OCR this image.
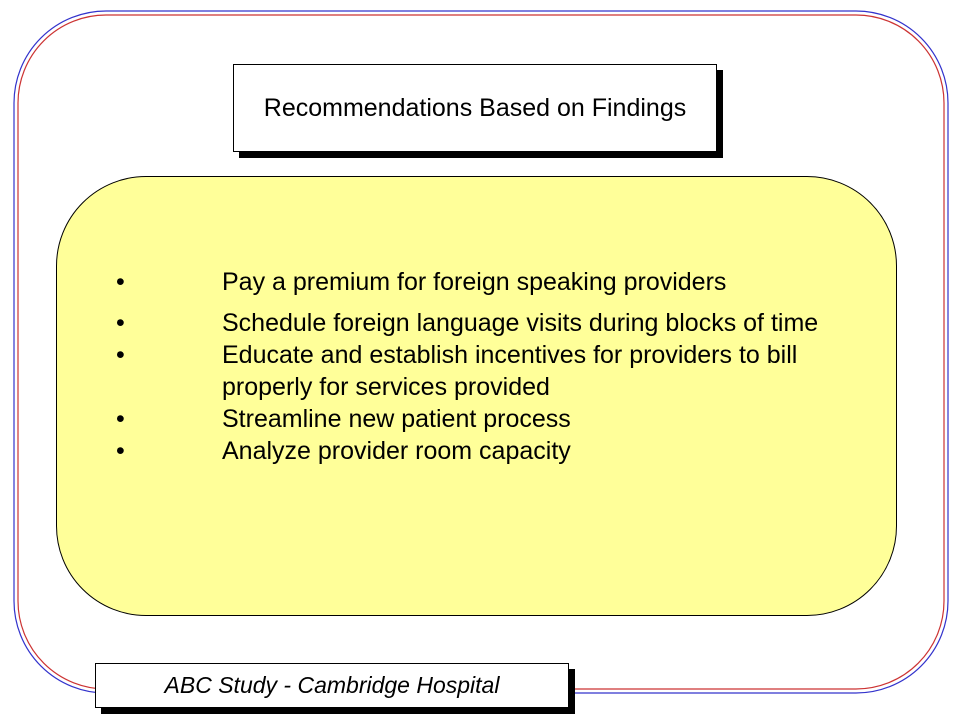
Recommendations Based on Findings
•	Pay a premium for foreign speaking providers
•	Schedule foreign language visits during blocks of time
•	Educate and establish incentives for providers to bill properly for services provided
•	Streamline new patient process
•	Analyze provider room capacity
ABC Study - Cambridge Hospital
